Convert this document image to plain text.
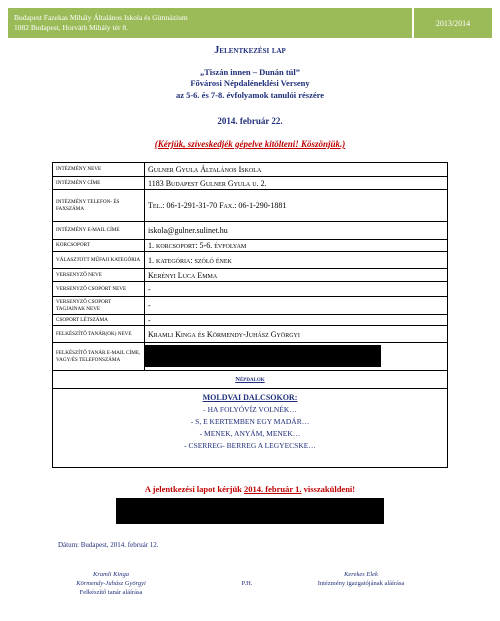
Budapest Fazekas Mihály Általános Iskola és Gimnázium
1082 Budapest, Horváth Mihály tér 8.	2013/2014
Jelentkezési lap
„Tiszán innen – Dunán túl”
Fővárosi Népdaléneklési Verseny
az 5-6. és 7-8. évfolyamok tanulói részére
2014. február 22.
(Kérjük, szíveskedjék gépelve kitölteni! Köszönjük.)
INTÉZMÉNY NEVE	Gulner Gyula Általános Iskola
INTÉZMÉNY CÍME	1183 Budapest Gulner Gyula u. 2.
INTÉZMÉNY TELEFON- ÉS FAXSZÁMA	Tel.: 06-1-291-31-70 Fax.: 06-1-290-1881
INTÉZMÉNY E-MAIL CÍME	iskola@gulner.sulinet.hu
KORCSOPORT	1. korcsoport: 5-6. évfolyam
VÁLASZTOTT MŰFAJI KATEGÓRIA 1. kategória: szóló ének
VERSENYZŐ NEVE	Kerényi Luca Emma
VERSENYZŐ CSOPORT NEVE	-
VERSENYZŐ CSOPORT TAGJAINAK NEVE	-
CSOPORT LÉTSZÁMA	-
FELKÉSZÍTŐ TANÁR(OK) NEVE	Kramli Kinga és Körmendy-Juhász Györgyi
FELKÉSZÍTŐ TANÁR E-MAIL CÍME, VAGY/ÉS TELEFONSZÁMA
Népdalok
MOLDVAI DALCSOKOR:
- HA FOLYÓVÍZ VOLNÉK…
- S, E KERTEMBEN EGY MADÁR…
- MENEK, ANYÁM, MENEK…
- CSERREG- BERREG A LEGYECSKE…
A jelentkezési lapot kérjük 2014. február 1. visszaküldeni!
Dátum: Budapest, 2014. február 12.
Kramli Kinga
Körmendy-Juhász Györgyi
Felkészítő tanár aláírása
P.H.
Kerekes Elek
Intézmény igazgatójának aláírása
